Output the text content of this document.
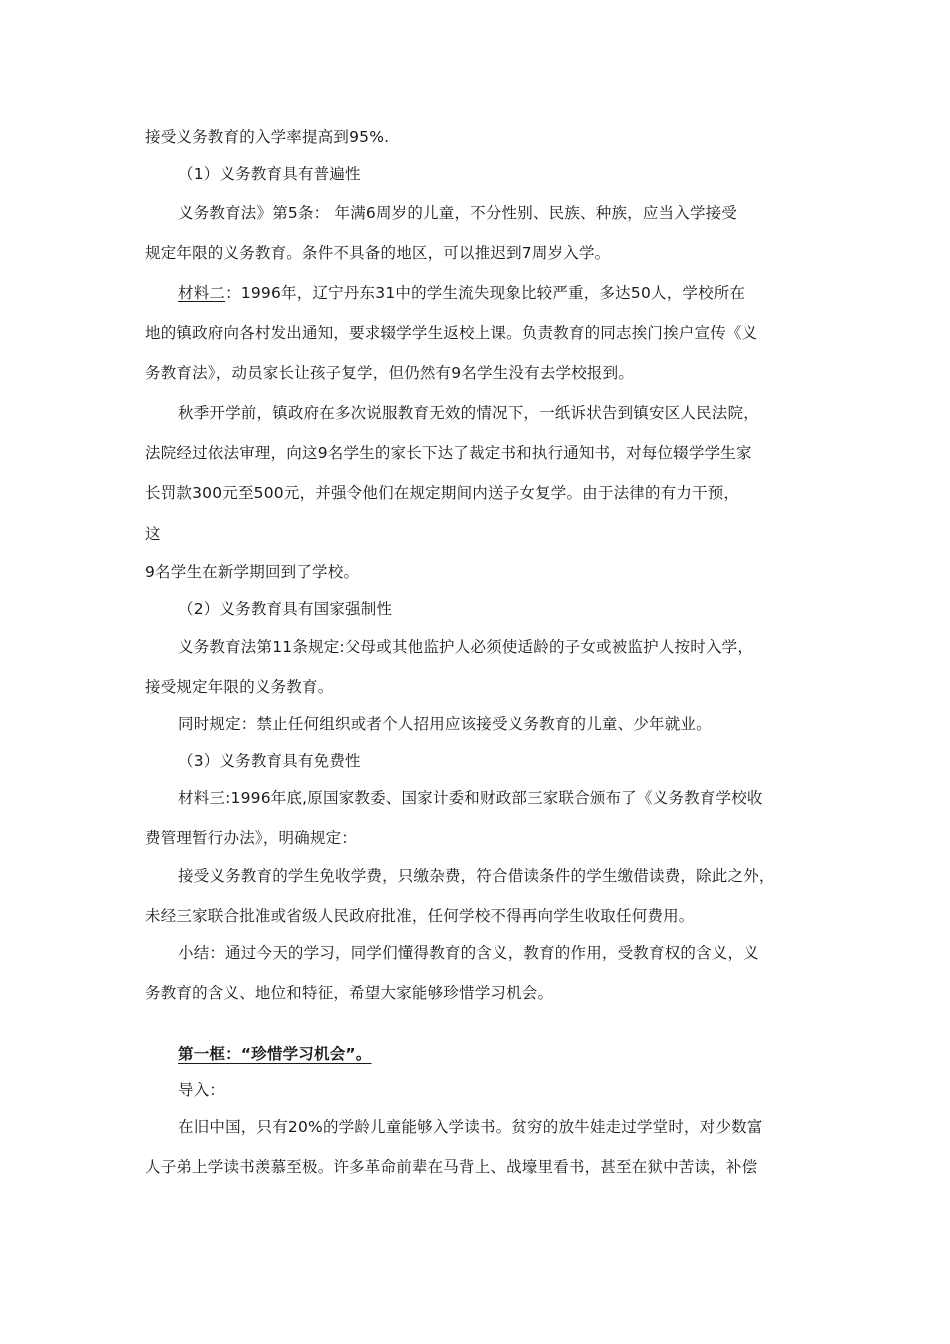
接受义务教育的入学率提高到95%.
（1）义务教育具有普遍性
义务教育法》第5条： 年满6周岁的儿童，不分性别、民族、种族，应当入学接受
规定年限的义务教育。条件不具备的地区，可以推迟到7周岁入学。
材料二：1996年，辽宁丹东31中的学生流失现象比较严重，多达50人，学校所在
地的镇政府向各村发出通知，要求辍学学生返校上课。负责教育的同志挨门挨户宣传《义
务教育法》，动员家长让孩子复学，但仍然有9名学生没有去学校报到。
秋季开学前，镇政府在多次说服教育无效的情况下，一纸诉状告到镇安区人民法院，
法院经过依法审理，向这9名学生的家长下达了裁定书和执行通知书，对每位辍学学生家
长罚款300元至500元，并强令他们在规定期间内送子女复学。由于法律的有力干预，
这
9名学生在新学期回到了学校。
（2）义务教育具有国家强制性
义务教育法第11条规定:父母或其他监护人必须使适龄的子女或被监护人按时入学，
接受规定年限的义务教育。
同时规定：禁止任何组织或者个人招用应该接受义务教育的儿童、少年就业。
（3）义务教育具有免费性
材料三:1996年底,原国家教委、国家计委和财政部三家联合颁布了《义务教育学校收
费管理暂行办法》，明确规定：
接受义务教育的学生免收学费，只缴杂费，符合借读条件的学生缴借读费，除此之外，
未经三家联合批准或省级人民政府批准，任何学校不得再向学生收取任何费用。
小结：通过今天的学习，同学们懂得教育的含义，教育的作用，受教育权的含义，义
务教育的含义、地位和特征，希望大家能够珍惜学习机会。
第一框：“珍惜学习机会”。
导入：
在旧中国，只有20%的学龄儿童能够入学读书。贫穷的放牛娃走过学堂时，对少数富
人子弟上学读书羡慕至极。许多革命前辈在马背上、战壕里看书，甚至在狱中苦读，补偿
